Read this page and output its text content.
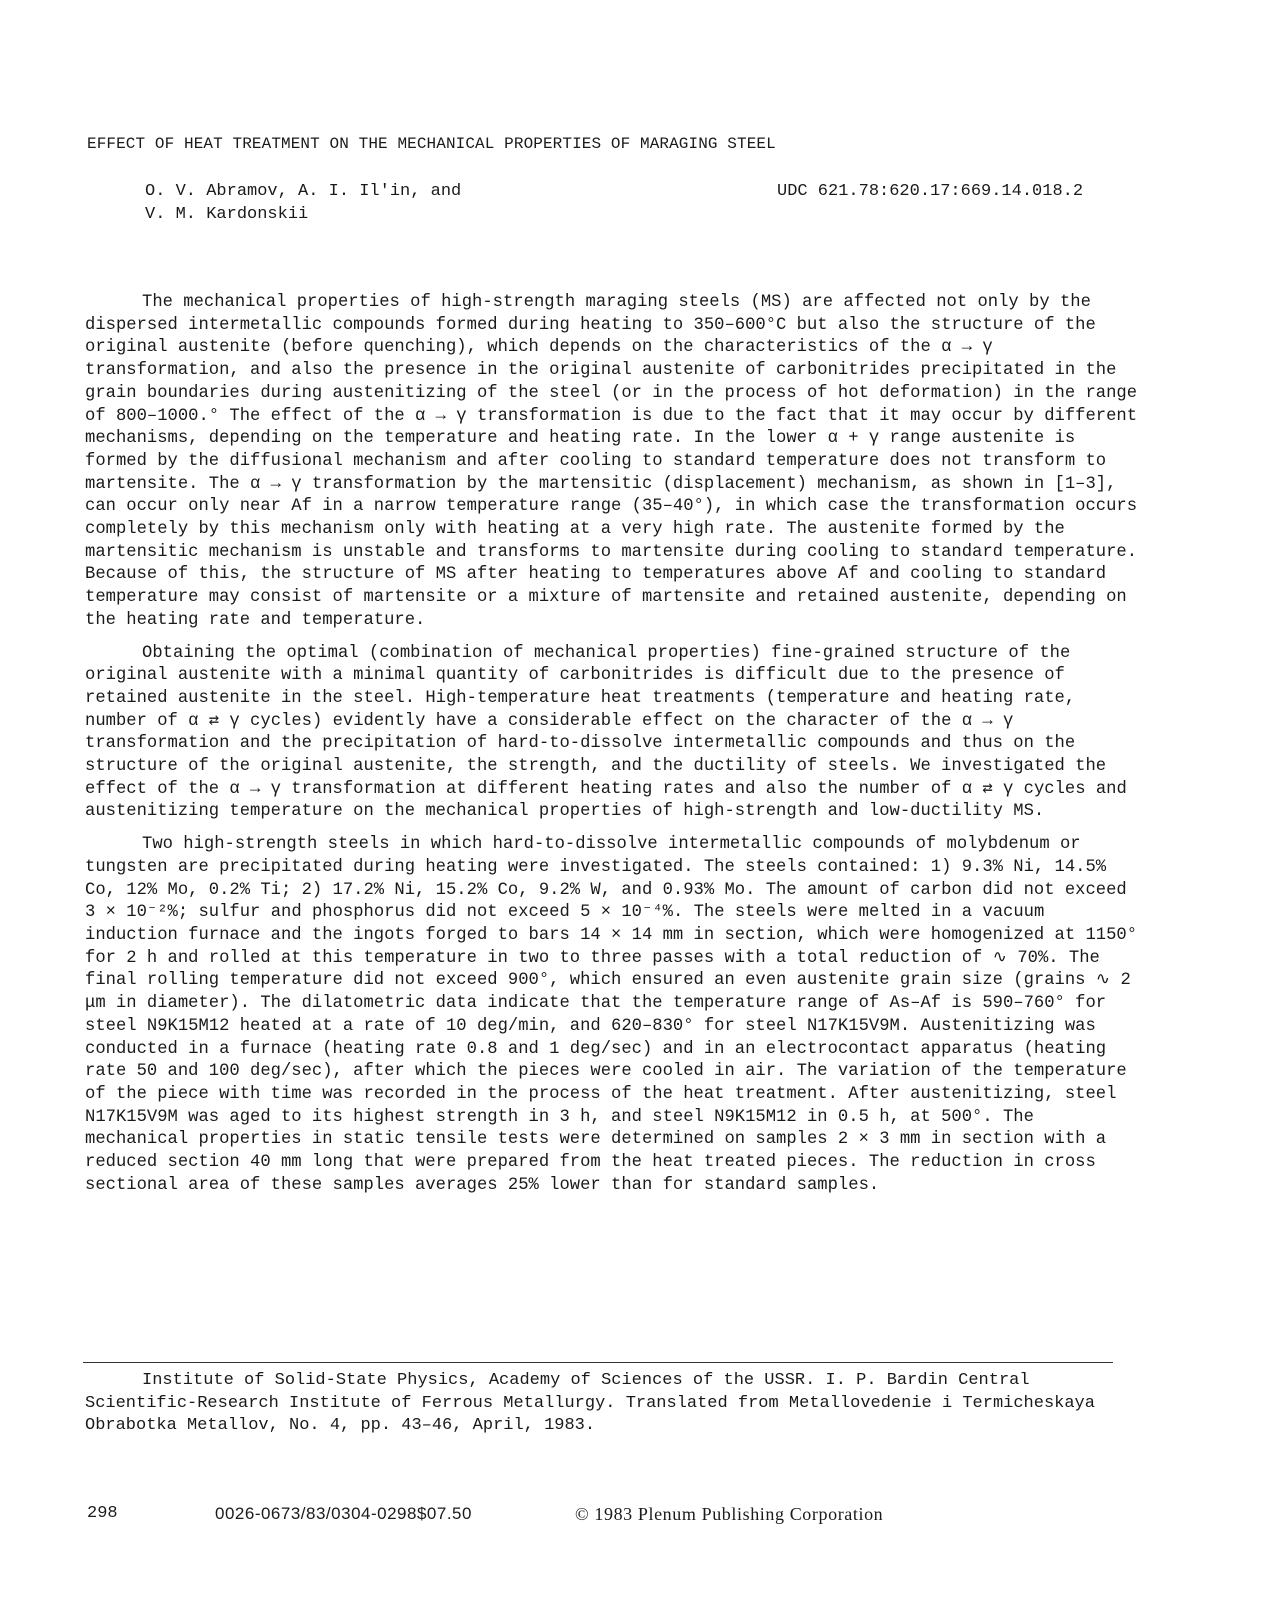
EFFECT OF HEAT TREATMENT ON THE MECHANICAL PROPERTIES OF MARAGING STEEL
O. V. Abramov, A. I. Il'in, and
V. M. Kardonskii
UDC 621.78:620.17:669.14.018.2

The mechanical properties of high-strength maraging steels (MS) are affected not only by the dispersed intermetallic compounds formed during heating to 350–600°C but also the structure of the original austenite (before quenching), which depends on the characteristics of the α → γ transformation, and also the presence in the original austenite of carbonitrides precipitated in the grain boundaries during austenitizing of the steel (or in the process of hot deformation) in the range of 800–1000.° The effect of the α → γ transformation is due to the fact that it may occur by different mechanisms, depending on the temperature and heating rate. In the lower α + γ range austenite is formed by the diffusional mechanism and after cooling to standard temperature does not transform to martensite. The α → γ transformation by the martensitic (displacement) mechanism, as shown in [1–3], can occur only near Af in a narrow temperature range (35–40°), in which case the transformation occurs completely by this mechanism only with heating at a very high rate. The austenite formed by the martensitic mechanism is unstable and transforms to martensite during cooling to standard temperature. Because of this, the structure of MS after heating to temperatures above Af and cooling to standard temperature may consist of martensite or a mixture of martensite and retained austenite, depending on the heating rate and temperature.

Obtaining the optimal (combination of mechanical properties) fine-grained structure of the original austenite with a minimal quantity of carbonitrides is difficult due to the presence of retained austenite in the steel. High-temperature heat treatments (temperature and heating rate, number of α ⇄ γ cycles) evidently have a considerable effect on the character of the α → γ transformation and the precipitation of hard-to-dissolve intermetallic compounds and thus on the structure of the original austenite, the strength, and the ductility of steels. We investigated the effect of the α → γ transformation at different heating rates and also the number of α ⇄ γ cycles and austenitizing temperature on the mechanical properties of high-strength and low-ductility MS.

Two high-strength steels in which hard-to-dissolve intermetallic compounds of molybdenum or tungsten are precipitated during heating were investigated. The steels contained: 1) 9.3% Ni, 14.5% Co, 12% Mo, 0.2% Ti; 2) 17.2% Ni, 15.2% Co, 9.2% W, and 0.93% Mo. The amount of carbon did not exceed 3 × 10⁻²%; sulfur and phosphorus did not exceed 5 × 10⁻⁴%. The steels were melted in a vacuum induction furnace and the ingots forged to bars 14 × 14 mm in section, which were homogenized at 1150° for 2 h and rolled at this temperature in two to three passes with a total reduction of ∿ 70%. The final rolling temperature did not exceed 900°, which ensured an even austenite grain size (grains ∿ 2 μm in diameter). The dilatometric data indicate that the temperature range of As–Af is 590–760° for steel N9K15M12 heated at a rate of 10 deg/min, and 620–830° for steel N17K15V9M. Austenitizing was conducted in a furnace (heating rate 0.8 and 1 deg/sec) and in an electrocontact apparatus (heating rate 50 and 100 deg/sec), after which the pieces were cooled in air. The variation of the temperature of the piece with time was recorded in the process of the heat treatment. After austenitizing, steel N17K15V9M was aged to its highest strength in 3 h, and steel N9K15M12 in 0.5 h, at 500°. The mechanical properties in static tensile tests were determined on samples 2 × 3 mm in section with a reduced section 40 mm long that were prepared from the heat treated pieces. The reduction in cross sectional area of these samples averages 25% lower than for standard samples.

Institute of Solid-State Physics, Academy of Sciences of the USSR. I. P. Bardin Central Scientific-Research Institute of Ferrous Metallurgy. Translated from Metallovedenie i Termicheskaya Obrabotka Metallov, No. 4, pp. 43–46, April, 1983.

298	0026-0673/83/0304-0298$07.50	© 1983 Plenum Publishing Corporation
